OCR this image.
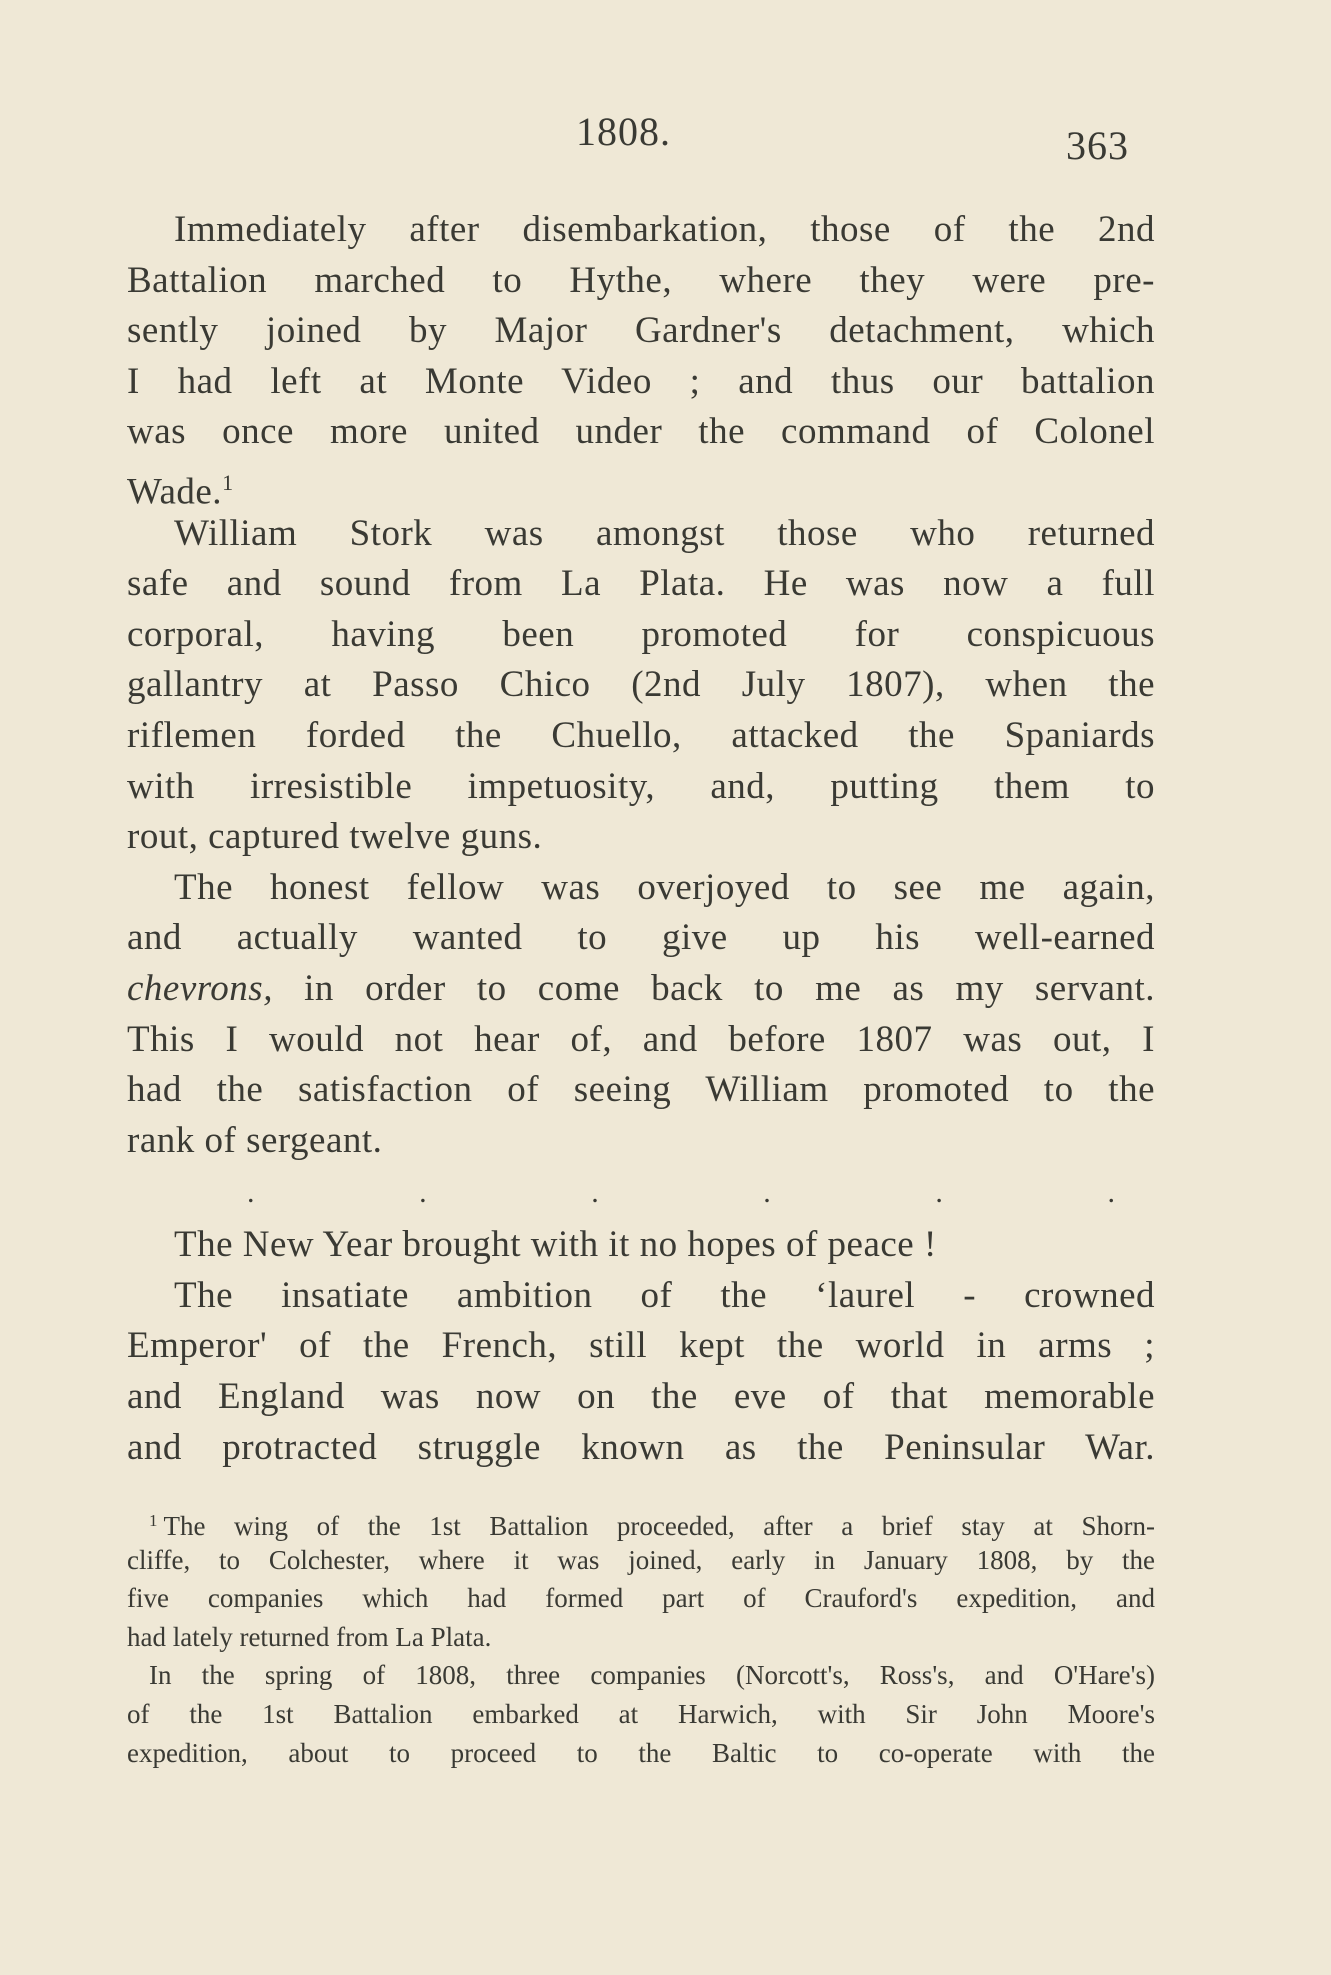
1808.	363
Immediately after disembarkation, those of the 2nd
Battalion marched to Hythe, where they were pre-
sently joined by Major Gardner's detachment, which
I had left at Monte Video ; and thus our battalion
was once more united under the command of Colonel
Wade.$^1$
William Stork was amongst those who returned
safe and sound from La Plata. He was now a full
corporal, having been promoted for conspicuous
gallantry at Passo Chico (2nd July 1807), when the
riflemen forded the Chuello, attacked the Spaniards
with irresistible impetuosity, and, putting them to
rout, captured twelve guns.
The honest fellow was overjoyed to see me again,
and actually wanted to give up his well-earned
chevrons, in order to come back to me as my servant.
This I would not hear of, and before 1807 was out, I
had the satisfaction of seeing William promoted to the
rank of sergeant.
.	.	.	.	.	.
The New Year brought with it no hopes of peace !
The insatiate ambition of the ‘laurel - crowned
Emperor' of the French, still kept the world in arms ;
and England was now on the eve of that memorable
and protracted struggle known as the Peninsular War.
$^1$ The wing of the 1st Battalion proceeded, after a brief stay at Shorn-
cliffe, to Colchester, where it was joined, early in January 1808, by the
five companies which had formed part of Crauford's expedition, and
had lately returned from La Plata.
In the spring of 1808, three companies (Norcott's, Ross's, and O'Hare's)
of the 1st Battalion embarked at Harwich, with Sir John Moore's
expedition, about to proceed to the Baltic to co-operate with the
